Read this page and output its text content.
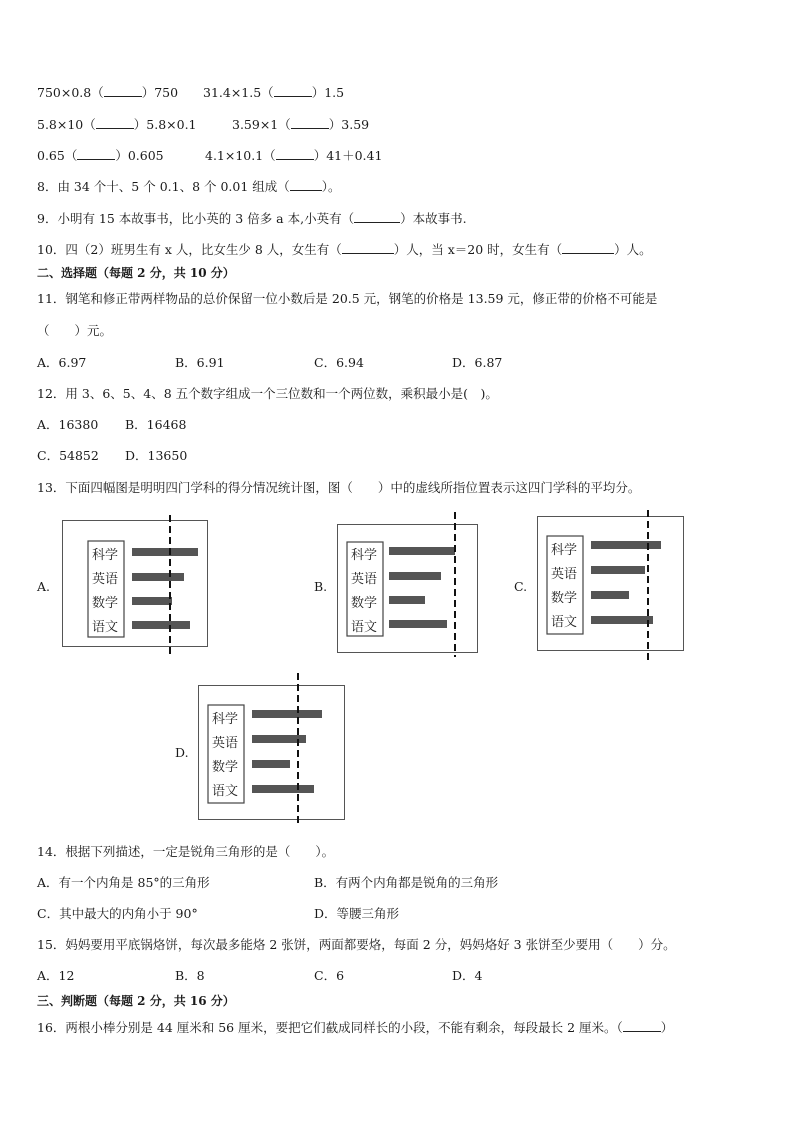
750×0.8（	）750 31.4×1.5（	）1.5
5.8×10（	）5.8×0.1	3.59×1（	）3.59
0.65（	）0.605	4.1×10.1（	）41＋0.41
8．由 34 个十、5 个 0.1、8 个 0.01 组成（	）。
9．小明有 15 本故事书，比小英的 3 倍多 a 本,小英有（	）本故事书.
10．四（2）班男生有 x 人，比女生少 8 人，女生有（	）人，当 x＝20 时，女生有（	）人。
二、选择题（每题 2 分，共 10 分）
11．钢笔和修正带两样物品的总价保留一位小数后是 20.5 元，钢笔的价格是 13.59 元，修正带的价格不可能是
（　　）元。
A．6.97	B．6.91	C．6.94	D．6.87
12．用 3、6、5、4、8 五个数字组成一个三位数和一个两位数，乘积最小是(　)。
A．16380 B．16468
C．54852 D．13650
13．下面四幅图是明明四门学科的得分情况统计图，图（　　）中的虚线所指位置表示这四门学科的平均分。
A.
科学
英语
数学
语文
B.
科学
英语
数学
语文
C.
科学
英语
数学
语文
D.
科学
英语
数学
语文
14．根据下列描述，一定是锐角三角形的是（　　）。
A．有一个内角是 85°的三角形	B．有两个内角都是锐角的三角形
C．其中最大的内角小于 90°	D．等腰三角形
15．妈妈要用平底锅烙饼，每次最多能烙 2 张饼，两面都要烙，每面 2 分，妈妈烙好 3 张饼至少要用（　　）分。
A．12	B．8	C．6	D．4
三、判断题（每题 2 分，共 16 分）
16．两根小棒分别是 44 厘米和 56 厘米，要把它们截成同样长的小段，不能有剩余，每段最长 2 厘米。（	）
